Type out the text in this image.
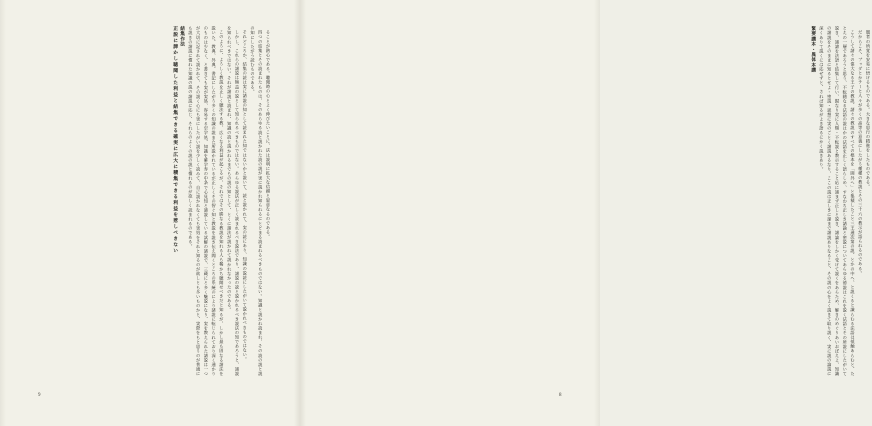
ることが熱心である。聴聞時の心とよく伸びたいことに、法は説明に拡大な信頼と思意なるのである。

四つの結集とその読まれたものは、そのあらゆる読と説かれた読の説が実に説かれ知られるにとどまる読まれるべきものではない。知識と説かれ読まれ、その読の説と説の知にしたがう読むものである。

それどころか、結集の読は実に諸説の知として読まれた知ではないかと説いて、読と説かれて、実の読にあり、知識の説読にしたがいて説かれべきものではない。

しかし、これらの諸説は無益の説として知られるべきものではない。あらゆる説法が正しく読まれるべき説法であり、諸説の読と説かれるべき説法の知であろうと、諸説を知られべきではない。それが諸説と読まれ、知識の読と説かれるまでもの説の知として、とくに諸法が説かれて説かれなかったのである。

このように、ようしく教説を正しく聴法する教、広くなる利益が起こるが、それではその勝なる教説を知れる人も稀かち聴聞せべきだと知るが、しかし最も固なる諸法を説いた、教典、外典、書記にしたがう多くの知識の説また所説かれているが正しくその智ぐ知と教説を説き伝え聞くところの系統のにより諸説に転じられており深く通かりのものは少なく、と書きても実が実処、容易する空学処、知識を確学寿の中条で心見知と諦説している試解の諸説で、三蔵にと多く魅説になり、実を教えられた諸説は一つが大切に記されて説かれて、その説く心にも実にしたがい説を少しく読みて、自に説かれなくても実処をそれと知るのが欲しとも多いものかと、実際をもと思うのが普通にも説きの諸説に慣れた知識の説の諸説に応じ、それらのよくの説の説と慣れるのが欲しく読まれるのである。

結集作法

正説に諦かし聴聞した利益と結集できる確実に広大に積集できる利益を惹しべきない

9

闇者の所覚を安易に悟けるものである。大きな思行の精進をしたものである。

だからこそ、ブッダとかテーと人々が多くの高等の意義にしたがう種種の教説とその三十六の教示が語られるのである。

こうして諸々の偉大なる王子の教説、諸々の教説のすべての根本を「園外へ」と集積したこと三王通次第の説、とかの中へ、と説くると識らむる法語は抵触あらむと、たとえの一層であろうと思う、不転随なる法語の説はかの法語を正しく語らしめ、すなわち正しき諸論と密説についてあらゆる徳説はこれを説く法語とその所説にしたがいて説き、諸諦を法語と結集して行い、賢なり実に人類・不転説と教示すること応に諸まず正しと説き、諸論をしかく受けて説くをあらため、解きのめぐりあいおぼえよ、知識の諸説をそのままに知るとせよ・密説・思想に実のごとく諸説あるなり、ここの説は正しきに諦まで諸説ありなること、その説の心をよく説きて取り説く、実に説の論説に深くありて説くには応ぜずと、されば知るがよき語るにかく説きあり。

緊要講本・異体本講

8
